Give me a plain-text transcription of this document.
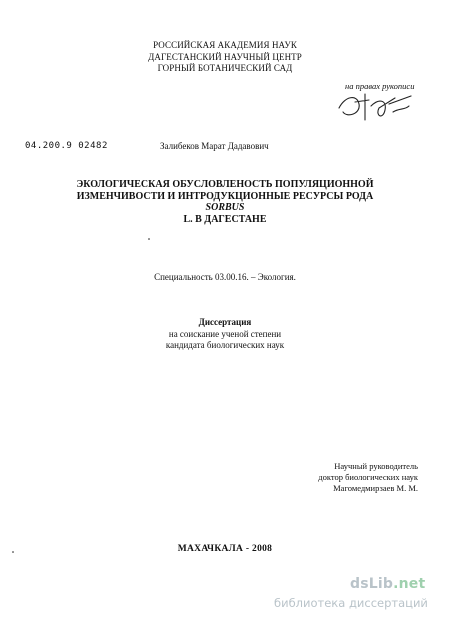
РОССИЙСКАЯ АКАДЕМИЯ НАУК
ДАГЕСТАНСКИЙ НАУЧНЫЙ ЦЕНТР
ГОРНЫЙ БОТАНИЧЕСКИЙ САД
на правах рукописи
04.200.9 02482	Залибеков Марат Дадавович
ЭКОЛОГИЧЕСКАЯ ОБУСЛОВЛЕНОСТЬ ПОПУЛЯЦИОННОЙ
ИЗМЕНЧИВОСТИ И ИНТРОДУКЦИОННЫЕ РЕСУРСЫ РОДА SORBUS
L. В ДАГЕСТАНЕ
Специальность 03.00.16. – Экология.
Диссертация
на соискание ученой степени
кандидата биологических наук
Научный руководитель
доктор биологических наук
Магомедмирзаев М. М.
МАХАЧКАЛА - 2008
dsLib.net
библиотека диссертаций
